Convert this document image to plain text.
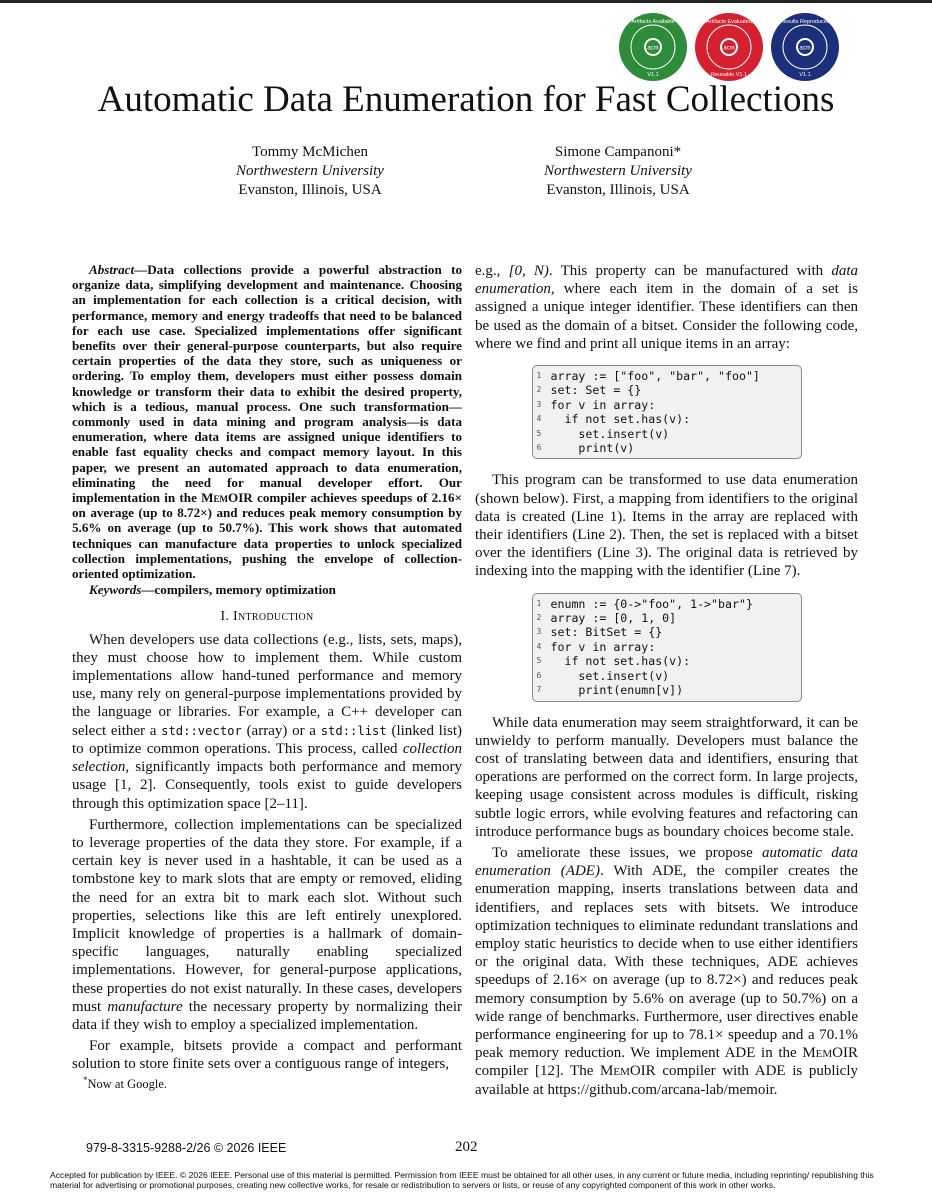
acm
Artifacts Available
V1.1
acm
Artifacts Evaluated
Reusable V1.1
acm
Results Reproduced
V1.1
Automatic Data Enumeration for Fast Collections
Tommy McMichen
Northwestern University
Evanston, Illinois, USA
Simone Campanoni*
Northwestern University
Evanston, Illinois, USA

Abstract—Data collections provide a powerful abstraction to organize data, simplifying development and maintenance. Choosing an implementation for each collection is a critical decision, with performance, memory and energy tradeoffs that need to be balanced for each use case. Specialized implementations offer significant benefits over their general-purpose counterparts, but also require certain properties of the data they store, such as uniqueness or ordering. To employ them, developers must either possess domain knowledge or transform their data to exhibit the desired property, which is a tedious, manual process. One such transformation—commonly used in data mining and program analysis—is data enumeration, where data items are assigned unique identifiers to enable fast equality checks and compact memory layout. In this paper, we present an automated approach to data enumeration, eliminating the need for manual developer effort. Our implementation in the MemOIR compiler achieves speedups of 2.16× on average (up to 8.72×) and reduces peak memory consumption by 5.6% on average (up to 50.7%). This work shows that automated techniques can manufacture data properties to unlock specialized collection implementations, pushing the envelope of collection-oriented optimization.

Keywords—compilers, memory optimization

I. Introduction

When developers use data collections (e.g., lists, sets, maps), they must choose how to implement them. While custom implementations allow hand-tuned performance and memory use, many rely on general-purpose implementations provided by the language or libraries. For example, a C++ developer can select either a std::vector (array) or a std::list (linked list) to optimize common operations. This process, called collection selection, significantly impacts both performance and memory usage [1, 2]. Consequently, tools exist to guide developers through this optimization space [2–11].

Furthermore, collection implementations can be specialized to leverage properties of the data they store. For example, if a certain key is never used in a hashtable, it can be used as a tombstone key to mark slots that are empty or removed, eliding the need for an extra bit to mark each slot. Without such properties, selections like this are left entirely unexplored. Implicit knowledge of properties is a hallmark of domain-specific languages, naturally enabling specialized implementations. However, for general-purpose applications, these properties do not exist naturally. In these cases, developers must manufacture the necessary property by normalizing their data if they wish to employ a specialized implementation.

For example, bitsets provide a compact and performant solution to store finite sets over a contiguous range of integers,

e.g., [0, N). This property can be manufactured with data enumeration, where each item in the domain of a set is assigned a unique integer identifier. These identifiers can then be used as the domain of a bitset. Consider the following code, where we find and print all unique items in an array:

1 array := ["foo", "bar", "foo"]
2 set: Set = {}
3 for v in array:
4  if not set.has(v):
5    set.insert(v)
6    print(v)

This program can be transformed to use data enumeration (shown below). First, a mapping from identifiers to the original data is created (Line 1). Items in the array are replaced with their identifiers (Line 2). Then, the set is replaced with a bitset over the identifiers (Line 3). The original data is retrieved by indexing into the mapping with the identifier (Line 7).

1 enumn := {0->"foo", 1->"bar"}
2 array := [0, 1, 0]
3 set: BitSet = {}
4 for v in array:
5  if not set.has(v):
6    set.insert(v)
7    print(enumn[v])

While data enumeration may seem straightforward, it can be unwieldy to perform manually. Developers must balance the cost of translating between data and identifiers, ensuring that operations are performed on the correct form. In large projects, keeping usage consistent across modules is difficult, risking subtle logic errors, while evolving features and refactoring can introduce performance bugs as boundary choices become stale.

To ameliorate these issues, we propose automatic data enumeration (ADE). With ADE, the compiler creates the enumeration mapping, inserts translations between data and identifiers, and replaces sets with bitsets. We introduce optimization techniques to eliminate redundant translations and employ static heuristics to decide when to use either identifiers or the original data. With these techniques, ADE achieves speedups of 2.16× on average (up to 8.72×) and reduces peak memory consumption by 5.6% on average (up to 50.7%) on a wide range of benchmarks. Furthermore, user directives enable performance engineering for up to 78.1× speedup and a 70.1% peak memory reduction. We implement ADE in the MemOIR compiler [12]. The MemOIR compiler with ADE is publicly available at https://github.com/arcana-lab/memoir.

*Now at Google.
979-8-3315-9288-2/26 © 2026 IEEE	202
Accepted for publication by IEEE. © 2026 IEEE. Personal use of this material is permitted. Permission from IEEE must be obtained for all other uses, in any current or future media, including reprinting/ republishing this material for advertising or promotional purposes, creating new collective works, for resale or redistribution to servers or lists, or reuse of any copyrighted component of this work in other works.
